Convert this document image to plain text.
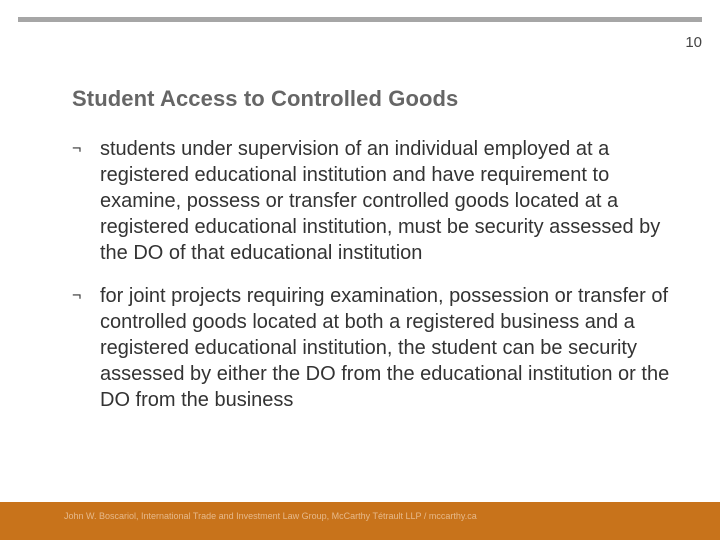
10
Student Access to Controlled Goods
¬ students under supervision of an individual employed at a registered educational institution and have requirement to examine, possess or transfer controlled goods located at a registered educational institution, must be security assessed by the DO of that educational institution
¬ for joint projects requiring examination, possession or transfer of controlled goods located at both a registered business and a registered educational institution, the student can be security assessed by either the DO from the educational institution or the DO from the business
John W. Boscariol, International Trade and Investment Law Group, McCarthy Tétrault LLP / mccarthy.ca
